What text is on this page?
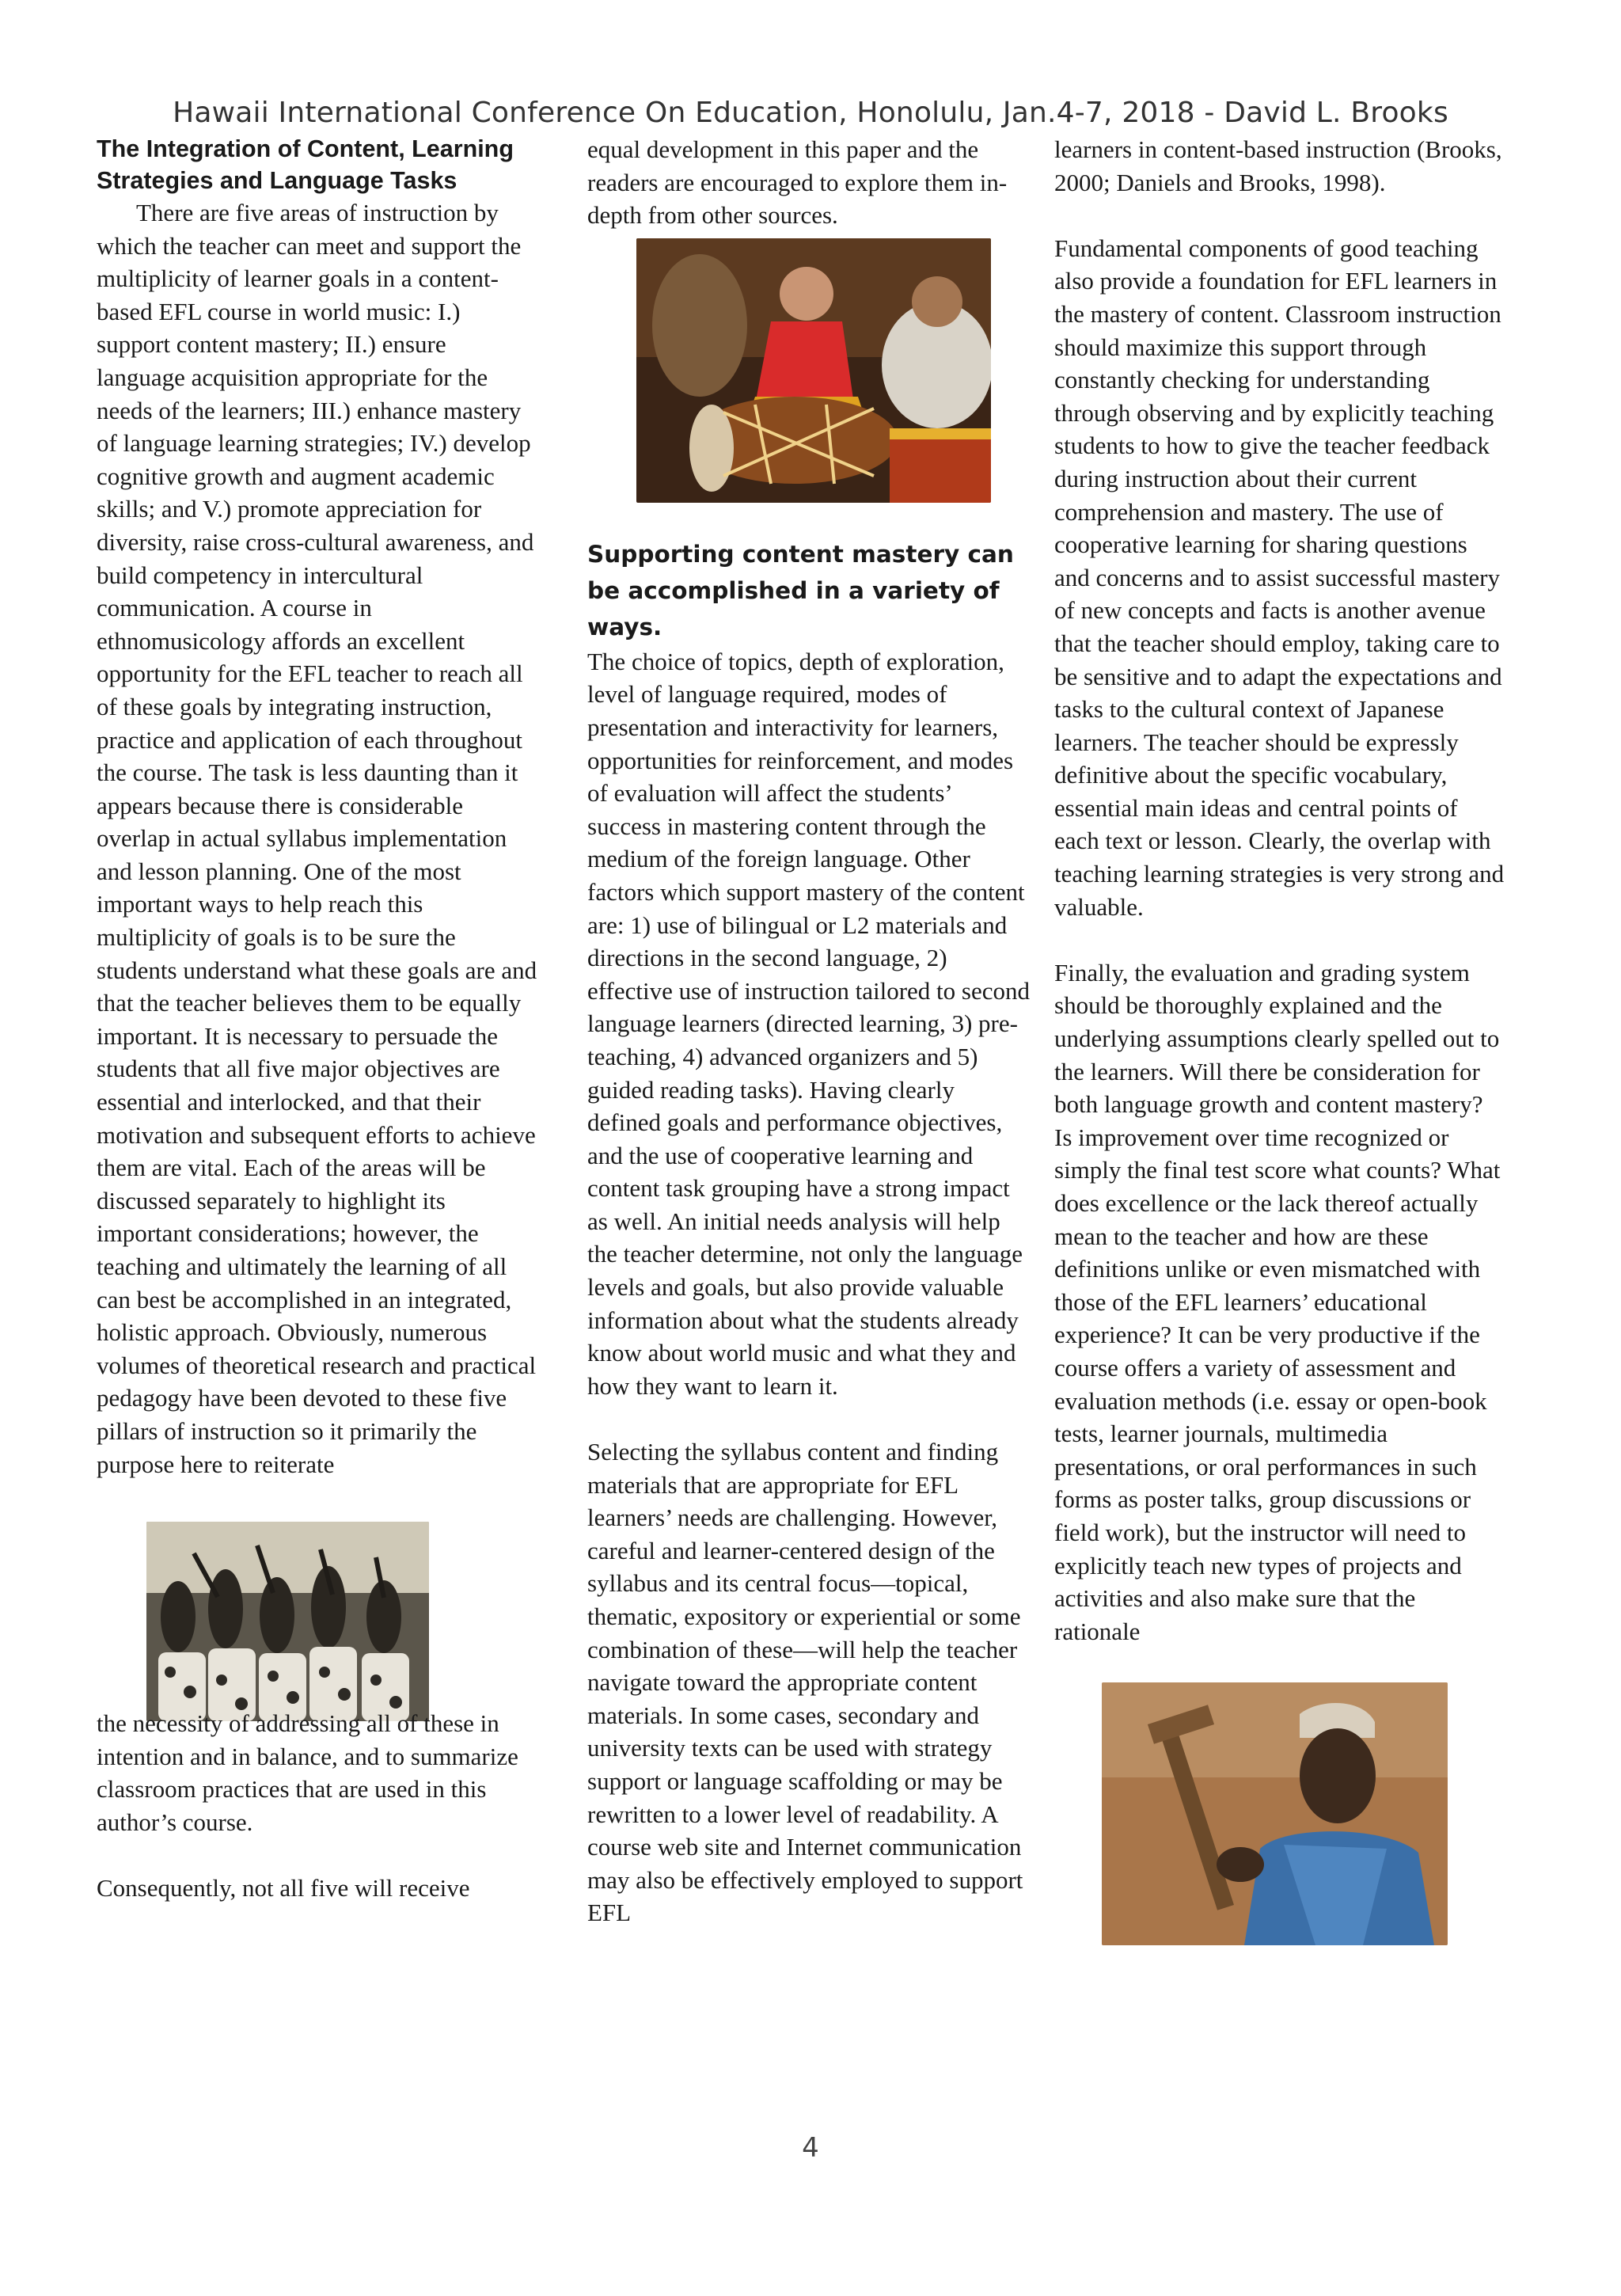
Hawaii International Conference On Education, Honolulu, Jan.4-7, 2018 - David L. Brooks

The Integration of Content, Learning Strategies and Language Tasks

There are five areas of instruction by which the teacher can meet and support the multiplicity of learner goals in a content-based EFL course in world music: I.) support content mastery; II.) ensure language acquisition appropriate for the needs of the learners; III.) enhance mastery of language learning strategies; IV.) develop cognitive growth and augment academic skills; and V.) promote appreciation for diversity, raise cross-cultural awareness, and build competency in intercultural communication. A course in ethnomusicology affords an excellent opportunity for the EFL teacher to reach all of these goals by integrating instruction, practice and application of each throughout the course. The task is less daunting than it appears because there is considerable overlap in actual syllabus implementation and lesson planning. One of the most important ways to help reach this multiplicity of goals is to be sure the students understand what these goals are and that the teacher believes them to be equally important. It is necessary to persuade the students that all five major objectives are essential and interlocked, and that their motivation and subsequent efforts to achieve them are vital. Each of the areas will be discussed separately to highlight its important considerations; however, the teaching and ultimately the learning of all can best be accomplished in an integrated, holistic approach. Obviously, numerous volumes of theoretical research and practical pedagogy have been devoted to these five pillars of instruction so it primarily the purpose here to reiterate

the necessity of addressing all of these in intention and in balance, and to summarize classroom practices that are used in this author’s course.

Consequently, not all five will receive

equal development in this paper and the readers are encouraged to explore them in-depth from other sources.

Supporting content mastery can be accomplished in a variety of ways.

The choice of topics, depth of exploration, level of language required, modes of presentation and interactivity for learners, opportunities for reinforcement, and modes of evaluation will affect the students’ success in mastering content through the medium of the foreign language. Other factors which support mastery of the content are: 1) use of bilingual or L2 materials and directions in the second language, 2) effective use of instruction tailored to second language learners (directed learning, 3) pre-teaching, 4) advanced organizers and 5) guided reading tasks). Having clearly defined goals and performance objectives, and the use of cooperative learning and content task grouping have a strong impact as well. An initial needs analysis will help the teacher determine, not only the language levels and goals, but also provide valuable information about what the students already know about world music and what they and how they want to learn it.

Selecting the syllabus content and finding materials that are appropriate for EFL learners’ needs are challenging. However, careful and learner-centered design of the syllabus and its central focus—topical, thematic, expository or experiential or some combination of these—will help the teacher navigate toward the appropriate content materials. In some cases, secondary and university texts can be used with strategy support or language scaffolding or may be rewritten to a lower level of readability. A course web site and Internet communication may also be effectively employed to support EFL

learners in content-based instruction (Brooks, 2000; Daniels and Brooks, 1998).

Fundamental components of good teaching also provide a foundation for EFL learners in the mastery of content. Classroom instruction should maximize this support through constantly checking for understanding through observing and by explicitly teaching students to how to give the teacher feedback during instruction about their current comprehension and mastery. The use of cooperative learning for sharing questions and concerns and to assist successful mastery of new concepts and facts is another avenue that the teacher should employ, taking care to be sensitive and to adapt the expectations and tasks to the cultural context of Japanese learners. The teacher should be expressly definitive about the specific vocabulary, essential main ideas and central points of each text or lesson. Clearly, the overlap with teaching learning strategies is very strong and valuable.

Finally, the evaluation and grading system should be thoroughly explained and the underlying assumptions clearly spelled out to the learners. Will there be consideration for both language growth and content mastery? Is improvement over time recognized or simply the final test score what counts? What does excellence or the lack thereof actually mean to the teacher and how are these definitions unlike or even mismatched with those of the EFL learners’ educational experience? It can be very productive if the course offers a variety of assessment and evaluation methods (i.e. essay or open-book tests, learner journals, multimedia presentations, or oral performances in such forms as poster talks, group discussions or field work), but the instructor will need to explicitly teach new types of projects and activities and also make sure that the rationale

4
